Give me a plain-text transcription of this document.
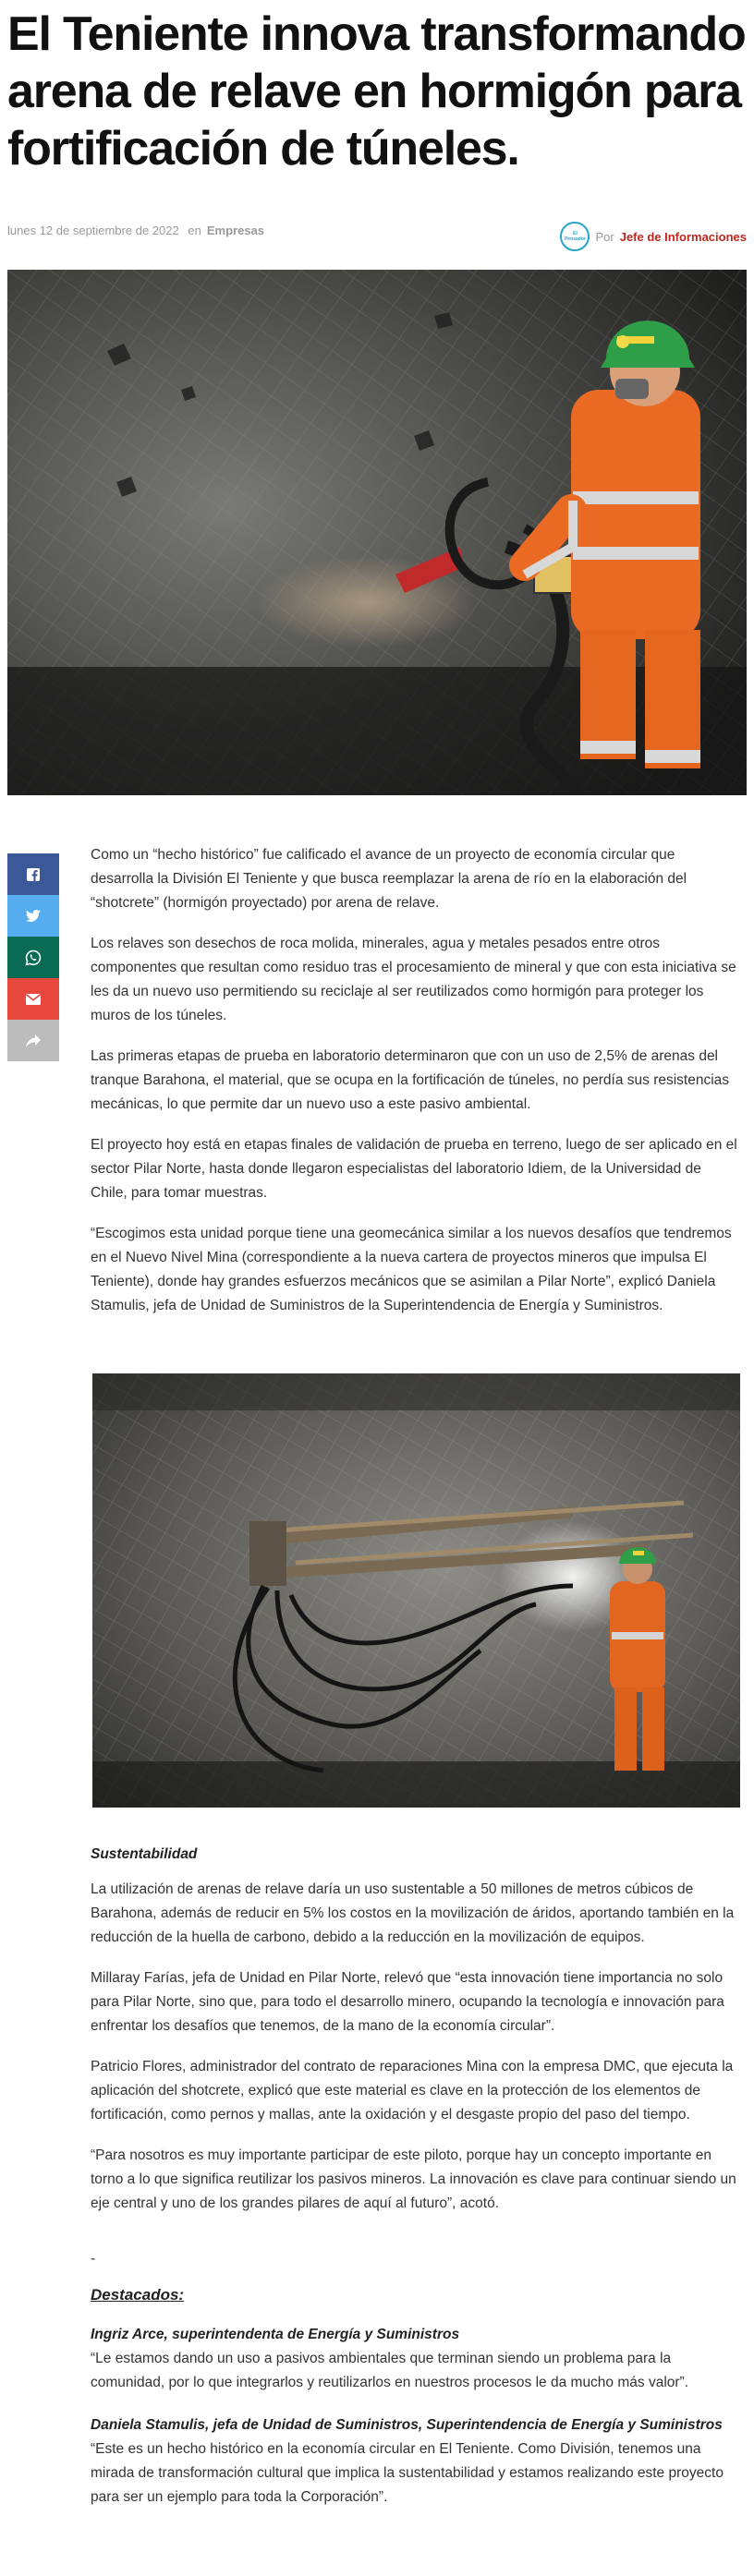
El Teniente innova transformando arena de relave en hormigón para fortificación de túneles.
lunes 12 de septiembre de 2022 en Empresas	El Pensador Por Jefe de Informaciones

Como un “hecho histórico” fue calificado el avance de un proyecto de economía circular que desarrolla la División El Teniente y que busca reemplazar la arena de río en la elaboración del “shotcrete” (hormigón proyectado) por arena de relave.

Los relaves son desechos de roca molida, minerales, agua y metales pesados entre otros componentes que resultan como residuo tras el procesamiento de mineral y que con esta iniciativa se les da un nuevo uso permitiendo su reciclaje al ser reutilizados como hormigón para proteger los muros de los túneles.

Las primeras etapas de prueba en laboratorio determinaron que con un uso de 2,5% de arenas del tranque Barahona, el material, que se ocupa en la fortificación de túneles, no perdía sus resistencias mecánicas, lo que permite dar un nuevo uso a este pasivo ambiental.

El proyecto hoy está en etapas finales de validación de prueba en terreno, luego de ser aplicado en el sector Pilar Norte, hasta donde llegaron especialistas del laboratorio Idiem, de la Universidad de Chile, para tomar muestras.

“Escogimos esta unidad porque tiene una geomecánica similar a los nuevos desafíos que tendremos en el Nuevo Nivel Mina (correspondiente a la nueva cartera de proyectos mineros que impulsa El Teniente), donde hay grandes esfuerzos mecánicos que se asimilan a Pilar Norte”, explicó Daniela Stamulis, jefa de Unidad de Suministros de la Superintendencia de Energía y Suministros.

Sustentabilidad

La utilización de arenas de relave daría un uso sustentable a 50 millones de metros cúbicos de Barahona, además de reducir en 5% los costos en la movilización de áridos, aportando también en la reducción de la huella de carbono, debido a la reducción en la movilización de equipos.

Millaray Farías, jefa de Unidad en Pilar Norte, relevó que “esta innovación tiene importancia no solo para Pilar Norte, sino que, para todo el desarrollo minero, ocupando la tecnología e innovación para enfrentar los desafíos que tenemos, de la mano de la economía circular”.

Patricio Flores, administrador del contrato de reparaciones Mina con la empresa DMC, que ejecuta la aplicación del shotcrete, explicó que este material es clave en la protección de los elementos de fortificación, como pernos y mallas, ante la oxidación y el desgaste propio del paso del tiempo.

“Para nosotros es muy importante participar de este piloto, porque hay un concepto importante en torno a lo que significa reutilizar los pasivos mineros. La innovación es clave para continuar siendo un eje central y uno de los grandes pilares de aquí al futuro”, acotó.

-

Destacados:

Ingriz Arce, superintendenta de Energía y Suministros
“Le estamos dando un uso a pasivos ambientales que terminan siendo un problema para la comunidad, por lo que integrarlos y reutilizarlos en nuestros procesos le da mucho más valor”.
Daniela Stamulis, jefa de Unidad de Suministros, Superintendencia de Energía y Suministros
“Este es un hecho histórico en la economía circular en El Teniente. Como División, tenemos una mirada de transformación cultural que implica la sustentabilidad y estamos realizando este proyecto para ser un ejemplo para toda la Corporación”.
